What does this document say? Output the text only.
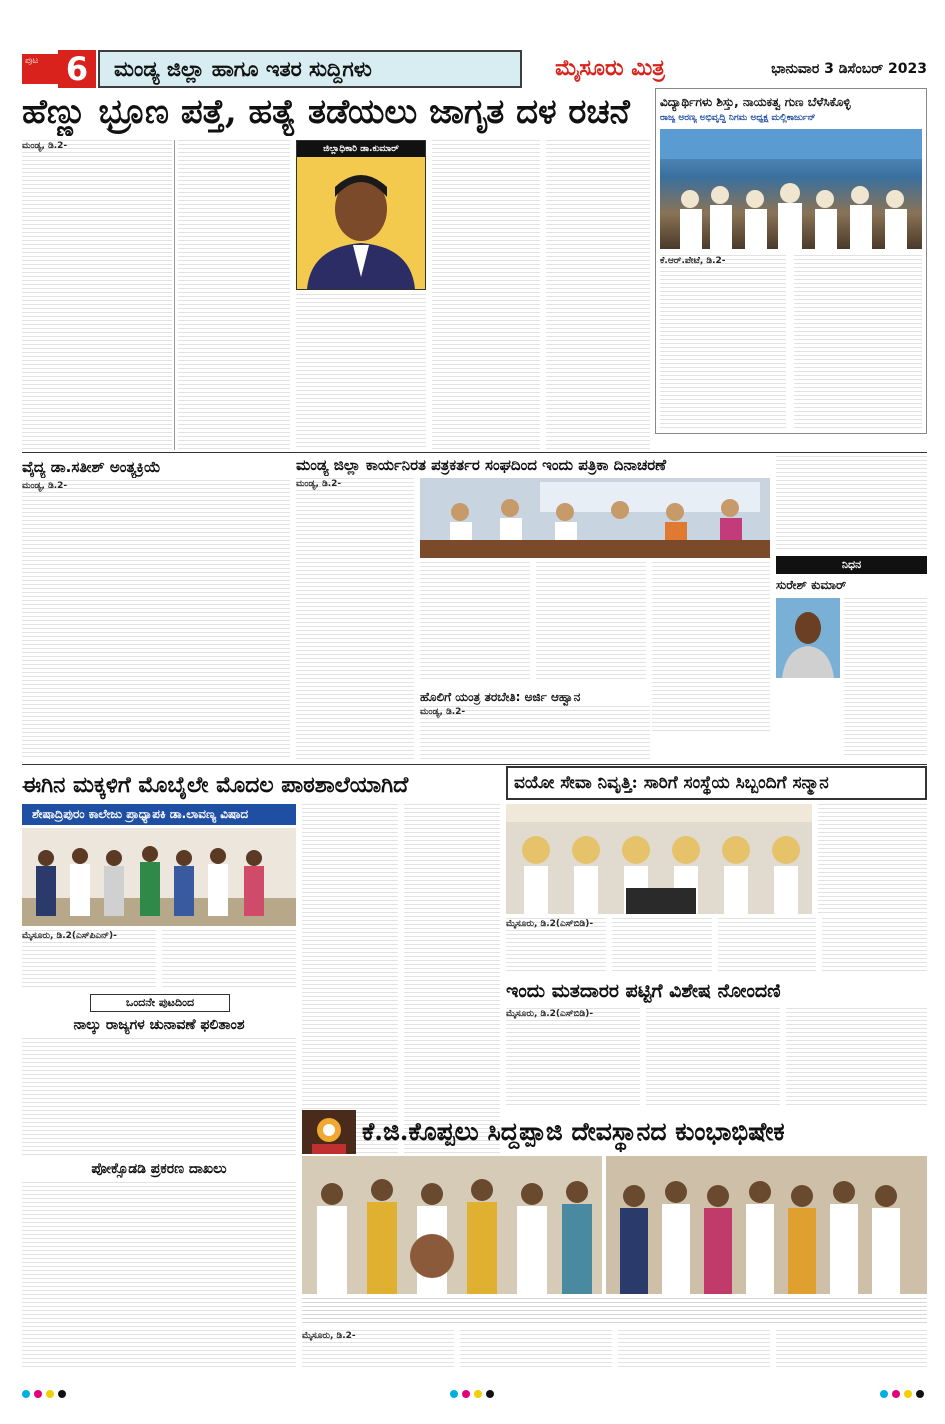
ಪುಟ 6	ಮಂಡ್ಯ ಜಿಲ್ಲಾ ಹಾಗೂ ಇತರ ಸುದ್ದಿಗಳು	ಮೈಸೂರು ಮಿತ್ರ	ಭಾನುವಾರ 3 ಡಿಸೆಂಬರ್ 2023
ಹೆಣ್ಣು ಭ್ರೂಣ ಪತ್ತೆ, ಹತ್ಯೆ ತಡೆಯಲು ಜಾಗೃತ ದಳ ರಚನೆ	ವಿದ್ಯಾರ್ಥಿಗಳು ಶಿಸ್ತು, ನಾಯಕತ್ವ ಗುಣ ಬೆಳೆಸಿಕೊಳ್ಳಿ
ರಾಜ್ಯ ಅರಣ್ಯ ಅಭಿವೃದ್ಧಿ ನಿಗಮ ಅಧ್ಯಕ್ಷ ಮಲ್ಲಿಕಾರ್ಜುನ್
ಕೆ.ಆರ್.ಪೇಟೆ, ಡಿ.2-
ಮಂಡ್ಯ, ಡಿ.2-	ಜಿಲ್ಲಾಧಿಕಾರಿ ಡಾ.ಕುಮಾರ್
ವೈದ್ಯ ಡಾ.ಸತೀಶ್ ಅಂತ್ಯಕ್ರಿಯೆ
ಮಂಡ್ಯ, ಡಿ.2-
ಮಂಡ್ಯ ಜಿಲ್ಲಾ ಕಾರ್ಯನಿರತ ಪತ್ರಕರ್ತರ ಸಂಘದಿಂದ ಇಂದು ಪತ್ರಿಕಾ ದಿನಾಚರಣೆ
ಮಂಡ್ಯ, ಡಿ.2-
ಹೊಲಿಗೆ ಯಂತ್ರ ತರಬೇತಿ: ಅರ್ಜಿ ಆಹ್ವಾನ
ಮಂಡ್ಯ, ಡಿ.2-
ನಿಧನ
ಸುರೇಶ್ ಕುಮಾರ್
ಈಗಿನ ಮಕ್ಕಳಿಗೆ ಮೊಬೈಲೇ ಮೊದಲ ಪಾಠಶಾಲೆಯಾಗಿದೆ
ಶೇಷಾದ್ರಿಪುರಂ ಕಾಲೇಜು ಪ್ರಾಧ್ಯಾಪಕಿ ಡಾ.ಲಾವಣ್ಯ ವಿಷಾದ
ಮೈಸೂರು, ಡಿ.2(ಎಸ್‌ಪಿಎನ್)-
ಒಂದನೇ ಪುಟದಿಂದ
ನಾಲ್ಕು ರಾಜ್ಯಗಳ ಚುನಾವಣೆ ಫಲಿತಾಂಶ
ಪೋಕ್ಸೊಡಡಿ ಪ್ರಕರಣ ದಾಖಲು
ವಯೋ ಸೇವಾ ನಿವೃತ್ತಿ: ಸಾರಿಗೆ ಸಂಸ್ಥೆಯ ಸಿಬ್ಬಂದಿಗೆ ಸನ್ಮಾನ
ಮೈಸೂರು, ಡಿ.2(ಎಸ್‌ಬಿಡಿ)-
ಇಂದು ಮತದಾರರ ಪಟ್ಟಿಗೆ ವಿಶೇಷ ನೋಂದಣಿ
ಮೈಸೂರು, ಡಿ.2(ಎಸ್‌ಬಿಡಿ)-
ಕೆ.ಜಿ.ಕೊಪ್ಪಲು ಸಿದ್ದಪ್ಪಾಜಿ ದೇವಸ್ಥಾನದ ಕುಂಭಾಭಿಷೇಕ
ಮೈಸೂರು, ಡಿ.2-
